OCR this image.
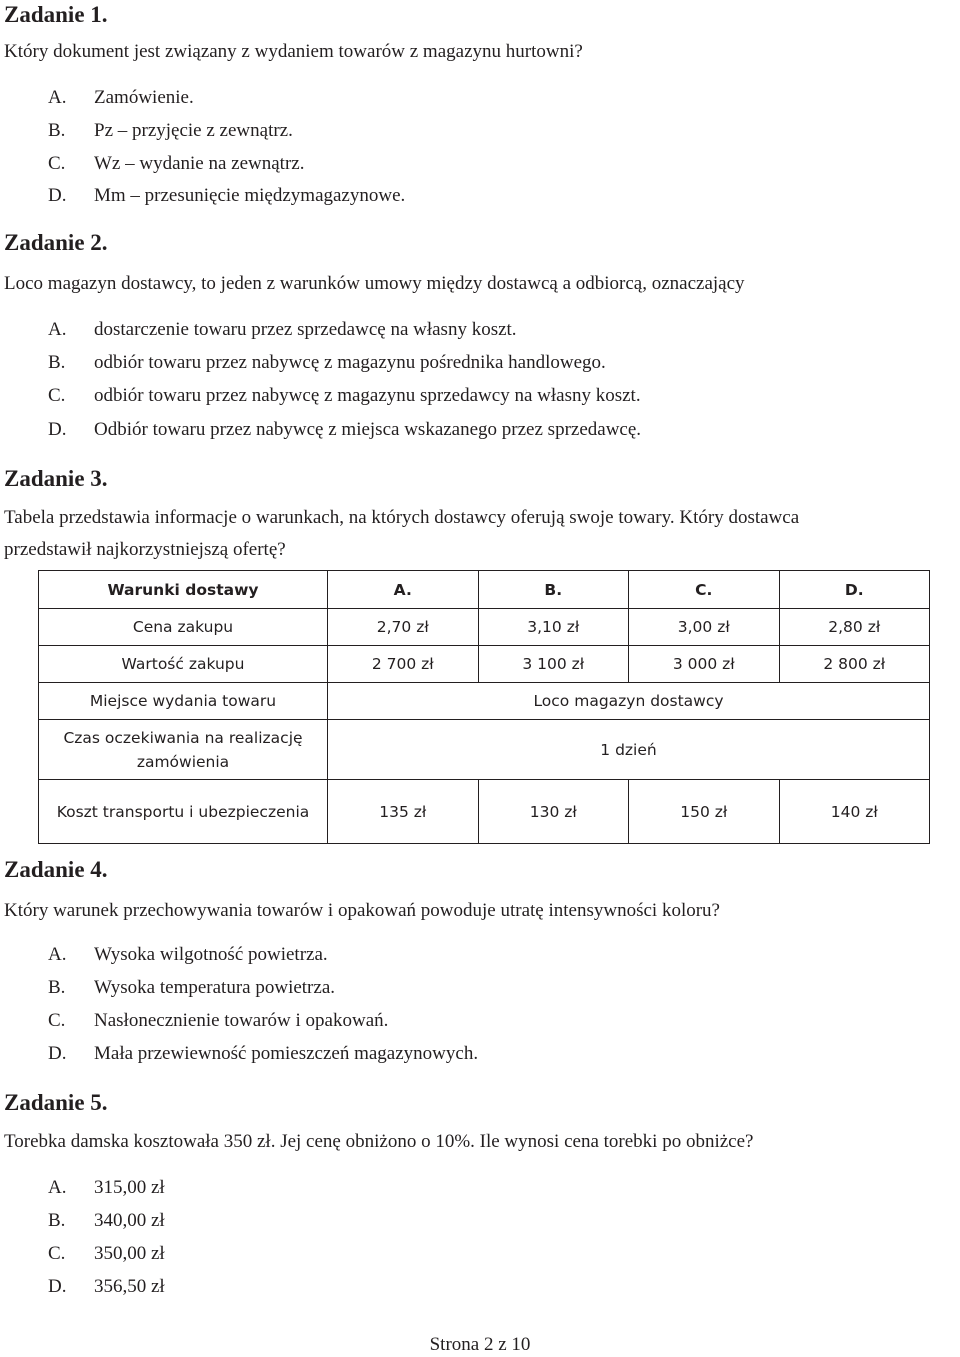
Zadanie 1.
Który dokument jest związany z wydaniem towarów z magazynu hurtowni?
A. Zamówienie.
B. Pz – przyjęcie z zewnątrz.
C. Wz – wydanie na zewnątrz.
D. Mm – przesunięcie międzymagazynowe.
Zadanie 2.
Loco magazyn dostawcy, to jeden z warunków umowy między dostawcą a odbiorcą, oznaczający
A. dostarczenie towaru przez sprzedawcę na własny koszt.
B. odbiór towaru przez nabywcę z magazynu pośrednika handlowego.
C. odbiór towaru przez nabywcę z magazynu sprzedawcy na własny koszt.
D. Odbiór towaru przez nabywcę z miejsca wskazanego przez sprzedawcę.
Zadanie 3.
Tabela przedstawia informacje o warunkach, na których dostawcy oferują swoje towary. Który dostawca
przedstawił najkorzystniejszą ofertę?
Warunki dostawy	A.	B.	C.	D.
Cena zakupu	2,70 zł	3,10 zł	3,00 zł	2,80 zł
Wartość zakupu	2 700 zł	3 100 zł	3 000 zł	2 800 zł
Miejsce wydania towaru	Loco magazyn dostawcy			
Czas oczekiwania na realizację
zamówienia	1 dzień			
Koszt transportu i ubezpieczenia	135 zł	130 zł	150 zł	140 zł
Zadanie 4.
Który warunek przechowywania towarów i opakowań powoduje utratę intensywności koloru?
A. Wysoka wilgotność powietrza.
B. Wysoka temperatura powietrza.
C. Nasłonecznienie towarów i opakowań.
D. Mała przewiewność pomieszczeń magazynowych.
Zadanie 5.
Torebka damska kosztowała 350 zł. Jej cenę obniżono o 10%. Ile wynosi cena torebki po obniżce?
A. 315,00 zł
B. 340,00 zł
C. 350,00 zł
D. 356,50 zł
Strona 2 z 10
